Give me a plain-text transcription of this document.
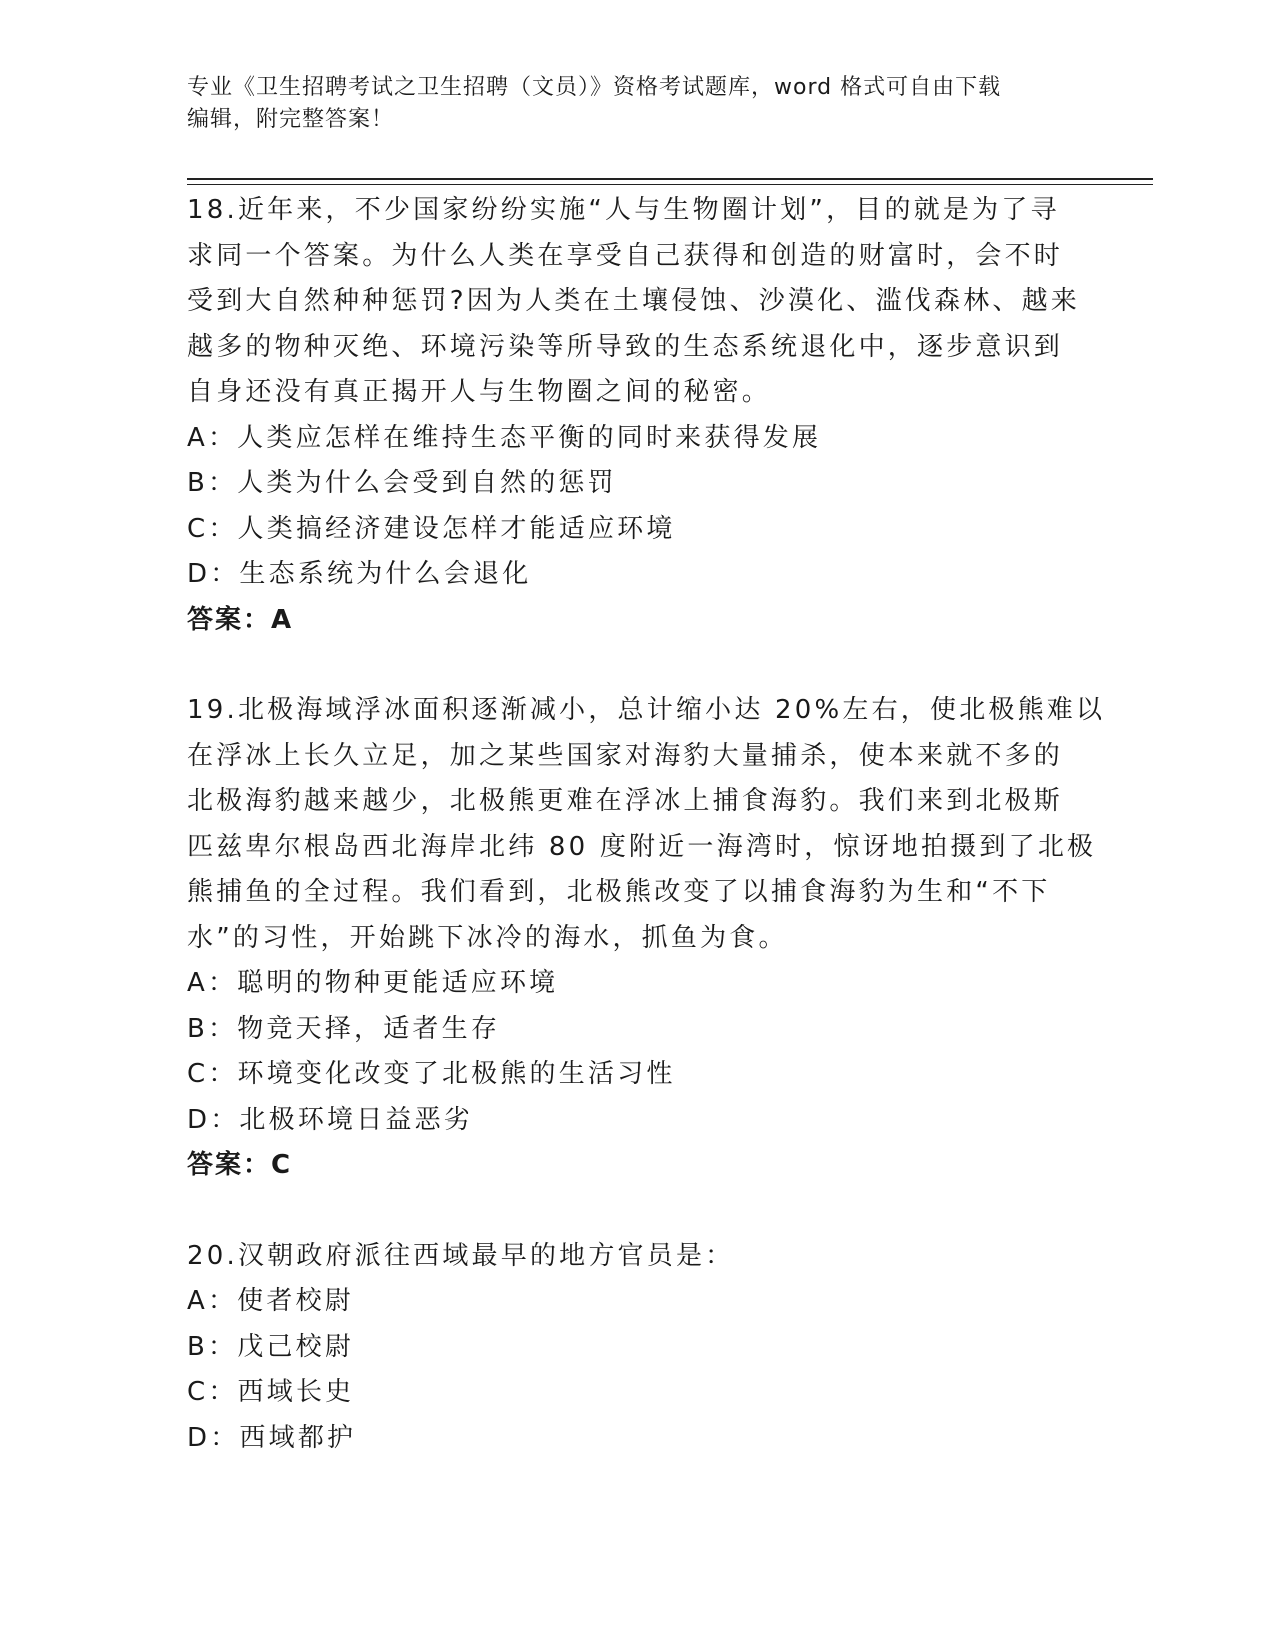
专业《卫生招聘考试之卫生招聘（文员）》资格考试题库，word 格式可自由下载
编辑，附完整答案！
18.近年来，不少国家纷纷实施“人与生物圈计划”，目的就是为了寻
求同一个答案。为什么人类在享受自己获得和创造的财富时，会不时
受到大自然种种惩罚?因为人类在土壤侵蚀、沙漠化、滥伐森林、越来
越多的物种灭绝、环境污染等所导致的生态系统退化中，逐步意识到
自身还没有真正揭开人与生物圈之间的秘密。
A：人类应怎样在维持生态平衡的同时来获得发展
B：人类为什么会受到自然的惩罚
C：人类搞经济建设怎样才能适应环境
D：生态系统为什么会退化
答案：A
19.北极海域浮冰面积逐渐减小，总计缩小达 20%左右，使北极熊难以
在浮冰上长久立足，加之某些国家对海豹大量捕杀，使本来就不多的
北极海豹越来越少，北极熊更难在浮冰上捕食海豹。我们来到北极斯
匹兹卑尔根岛西北海岸北纬 80 度附近一海湾时，惊讶地拍摄到了北极
熊捕鱼的全过程。我们看到，北极熊改变了以捕食海豹为生和“不下
水”的习性，开始跳下冰冷的海水，抓鱼为食。
A：聪明的物种更能适应环境
B：物竞天择，适者生存
C：环境变化改变了北极熊的生活习性
D：北极环境日益恶劣
答案：C
20.汉朝政府派往西域最早的地方官员是：
A：使者校尉
B：戊己校尉
C：西域长史
D：西域都护
